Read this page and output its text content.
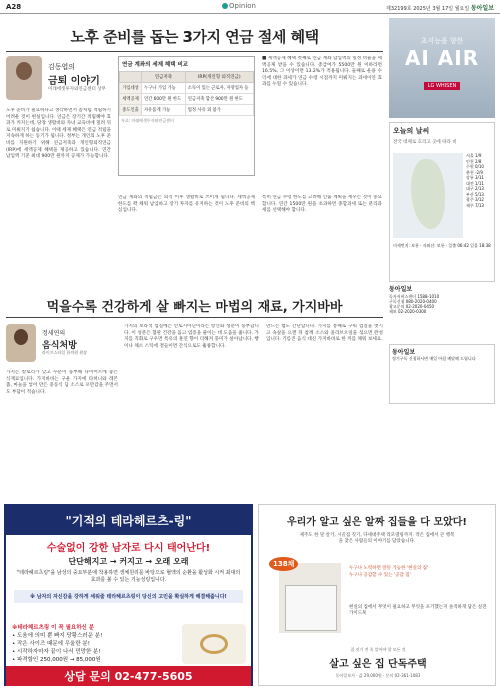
A28	Opinion	제32199호 2025년 3월 17일 월요일 동아일보
노후 준비를 돕는 3가지 연금 절세 혜택
김동엽의
금퇴 이야기
미래에셋투자와연금센터 상무
노후 준비가 필요하다고 생각하면서 좀처럼 적립하기 어려운 것이 현실입니다. 연금은 장기간 적립해야 효과가 커지는데, 당장 생활비와 자녀 교육비에 밀려 뒤로 미뤄지기 쉽습니다. 이때 세제 혜택은 연금 적립을 지속하게 하는 동기가 됩니다. 정부는 개인의 노후 준비를 지원하기 위해 연금저축과 개인형퇴직연금(IRP)에 세액공제 혜택을 제공하고 있습니다. 연간 납입액 기준 최대 900만 원까지 공제가 가능합니다.
연금 계좌의 세제 혜택 비교
	연금저축	IRP(개인형 퇴직연금)
가입대상	누구나 가입 가능	소득이 있는 근로자, 자영업자 등
세액공제	연간 600만 원 한도	연금저축 합산 900만 원 한도
중도인출	자유롭게 가능	법정 사유 외 불가
자료: 미래에셋투자와연금센터
■ 세액공제 혜택 첫째로 연금 계좌 납입액의 일정 비율을 세액공제 받을 수 있습니다. 총급여가 5500만 원 이하라면 16.5%, 그 이상이면 13.2%가 적용됩니다. 둘째로 운용 수익에 대한 과세가 연금 수령 시점까지 미뤄지는 과세이연 효과를 누릴 수 있습니다.
연금 계좌의 적립금은 퇴직 이후 생활비로 쓰이게 됩니다. 세액공제 한도를 꽉 채워 납입하고 장기 투자를 유지하는 것이 노후 준비의 핵심입니다.
특히 연금 수령 한도를 고려해 인출 계획을 세우는 것이 중요합니다. 연간 1500만 원을 초과하면 종합과세 또는 분리과세를 선택해야 합니다.
초지능을 향한
AI AIR
LG WHISEN
오늘의 날씨
전국 대체로 흐리고 곳에 따라 비
서울 1/9
인천 2/8
수원 0/10
춘천 -2/9
강릉 3/11
대전 1/11
대구 2/13
부산 5/13
광주 3/12
제주 7/13
미세먼지: 보통 · 자외선: 보통 · 일출 06:42 일몰 18:38
동아일보
독자서비스센터 1588-1010
구독신청 080-2020-0400
광고문의 02-2020-0450
제보 02-2020-0300
먹을수록 건강하게 살 빠지는 마법의 재료, 가지바바
정세연의
음식처방
라이프스타일 한의원 원장
가지는 칼로리가 낮고 수분이 풍부해 다이어트에 좋은 식재료입니다. 가지바바는 구운 가지에 타히니와 레몬즙, 마늘을 넣어 만든 중동식 딥 소스로 포만감을 주면서도 부담이 적습니다.
가지의 보라색 껍질에는 안토시아닌이라는 항산화 성분이 풍부합니다. 이 성분은 혈관 건강을 돕고 염증을 줄이는 데 도움을 줍니다. 가지를 직화로 구우면 특유의 훈연 향이 더해져 풍미가 살아납니다. 빵이나 채소 스틱에 곁들이면 간식으로도 훌륭합니다.
만드는 법도 간단합니다. 가지를 통째로 구워 껍질을 벗기고 속살을 으깬 뒤 참깨 소스와 올리브오일을 섞으면 완성입니다. 기름진 음식 대신 가지바바로 한 끼를 채워 보세요.
동아일보
정기구독 신청하시면 매일 아침 배달해 드립니다
"기적의 테라헤르츠-링"
수술없이 강한 남자로 다시 태어난다!
단단해지고 → 커지고 → 오래 오래
"테라헤르츠링"을 남성의 중요부분에 착용하면 생체원리를 바탕으로 혈액의 순환을 활성화 시켜 최대의 효과를 볼 수 있는 기능성링입니다.
※ 남자의 자신감을 강하게 세워줄 테라헤르츠링이 당신의 고민을 확실하게 해결해줍니다!
※테라헤르츠링 이 꼭 필요하신 분
• 도움에 의미 뿐 빠지 당황스러운 분!
• 작은 사이즈 때문에 우울한 분!
• 시작하자마자 끝이 나서 민망한 분!
• 파격할인 250,000원 → 85,000원
상담 문의 02-477-5605
우리가 알고 싶은 알짜 집들을 다 모았다!
제주도 한 달 살기, 시골집 짓기, 다세대주택 리모델링까지. 작은 집에서 큰 행복을 찾은 사람들의 이야기를 담았습니다.
138채
누구나 노력하면 알뜰 가능한 '현실의 집'
누구나 공감할 수 있는 '공감 집'
현실의 집에서 무엇이 필요하고 무엇을 포기했는지 솔직하게 담은 실전 가이드북
집 짓기 전 꼭 알아야 할 모든 것
살고 싶은 집 단독주택
동아일보사 · 값 29,000원 · 문의 02-361-1083
